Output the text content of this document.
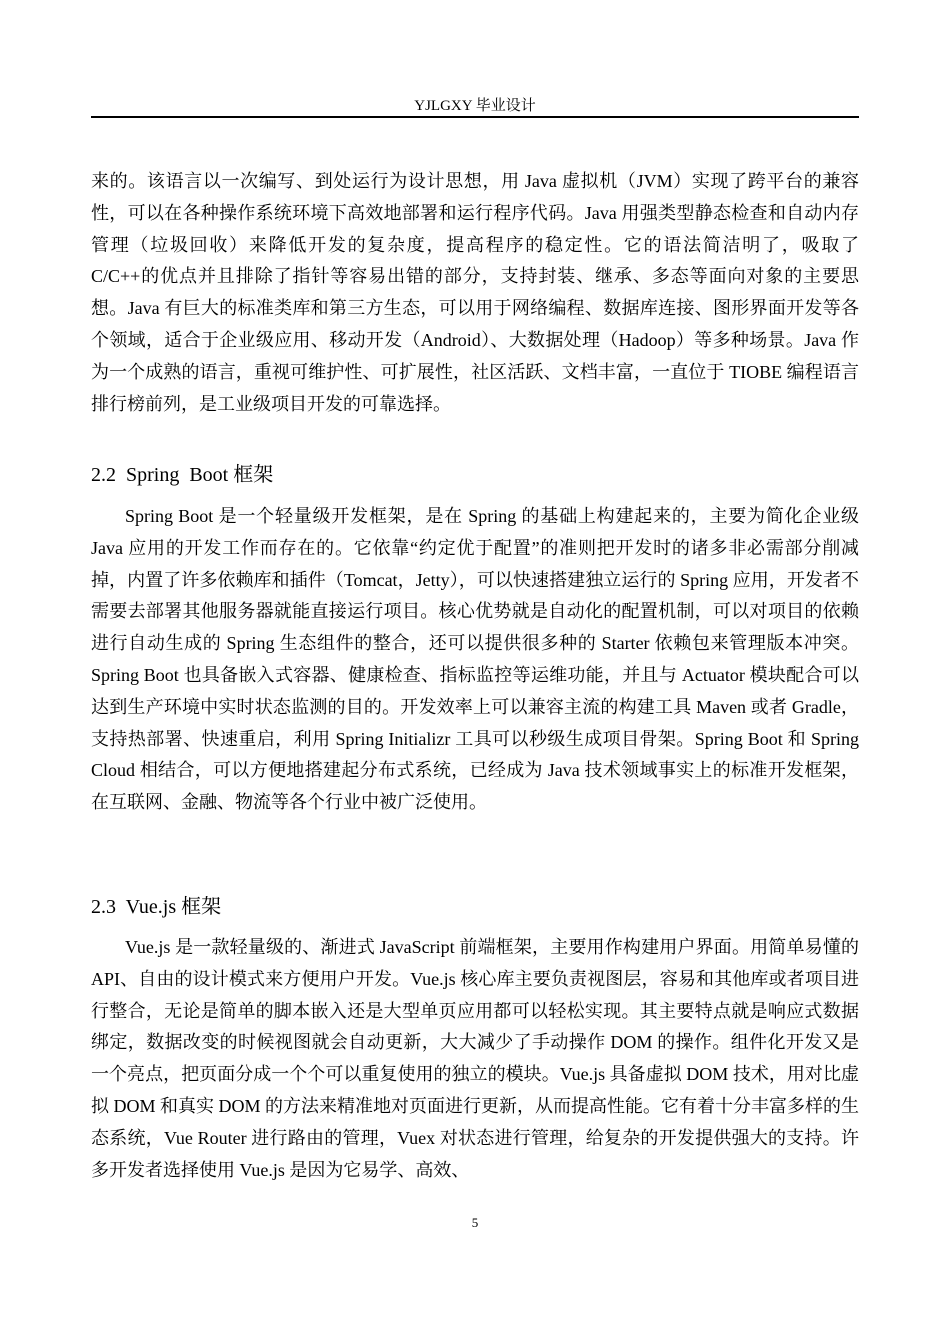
YJLGXY 毕业设计

来的。该语言以一次编写、到处运行为设计思想，用 Java 虚拟机（JVM）实现了跨平台的兼容性，可以在各种操作系统环境下高效地部署和运行程序代码。Java 用强类型静态检查和自动内存管理（垃圾回收）来降低开发的复杂度，提高程序的稳定性。它的语法简洁明了，吸取了 C/C++的优点并且排除了指针等容易出错的部分，支持封装、继承、多态等面向对象的主要思想。Java 有巨大的标准类库和第三方生态，可以用于网络编程、数据库连接、图形界面开发等各个领域，适合于企业级应用、移动开发（Android）、大数据处理（Hadoop）等多种场景。Java 作为一个成熟的语言，重视可维护性、可扩展性，社区活跃、文档丰富，一直位于 TIOBE 编程语言排行榜前列，是工业级项目开发的可靠选择。

2.2  Spring  Boot 框架

Spring Boot 是一个轻量级开发框架，是在 Spring 的基础上构建起来的，主要为简化企业级 Java 应用的开发工作而存在的。它依靠“约定优于配置”的准则把开发时的诸多非必需部分削减掉，内置了许多依赖库和插件（Tomcat，Jetty），可以快速搭建独立运行的 Spring 应用，开发者不需要去部署其他服务器就能直接运行项目。核心优势就是自动化的配置机制，可以对项目的依赖进行自动生成的 Spring 生态组件的整合，还可以提供很多种的 Starter 依赖包来管理版本冲突。Spring Boot 也具备嵌入式容器、健康检查、指标监控等运维功能，并且与 Actuator 模块配合可以达到生产环境中实时状态监测的目的。开发效率上可以兼容主流的构建工具 Maven 或者 Gradle，支持热部署、快速重启，利用 Spring Initializr 工具可以秒级生成项目骨架。Spring Boot 和 Spring Cloud 相结合，可以方便地搭建起分布式系统，已经成为 Java 技术领域事实上的标准开发框架，在互联网、金融、物流等各个行业中被广泛使用。

2.3  Vue.js 框架

Vue.js 是一款轻量级的、渐进式 JavaScript 前端框架，主要用作构建用户界面。用简单易懂的 API、自由的设计模式来方便用户开发。Vue.js 核心库主要负责视图层，容易和其他库或者项目进行整合，无论是简单的脚本嵌入还是大型单页应用都可以轻松实现。其主要特点就是响应式数据绑定，数据改变的时候视图就会自动更新，大大减少了手动操作 DOM 的操作。组件化开发又是一个亮点，把页面分成一个个可以重复使用的独立的模块。Vue.js 具备虚拟 DOM 技术，用对比虚拟 DOM 和真实 DOM 的方法来精准地对页面进行更新，从而提高性能。它有着十分丰富多样的生态系统，Vue Router 进行路由的管理，Vuex 对状态进行管理，给复杂的开发提供强大的支持。许多开发者选择使用 Vue.js 是因为它易学、高效、

5
